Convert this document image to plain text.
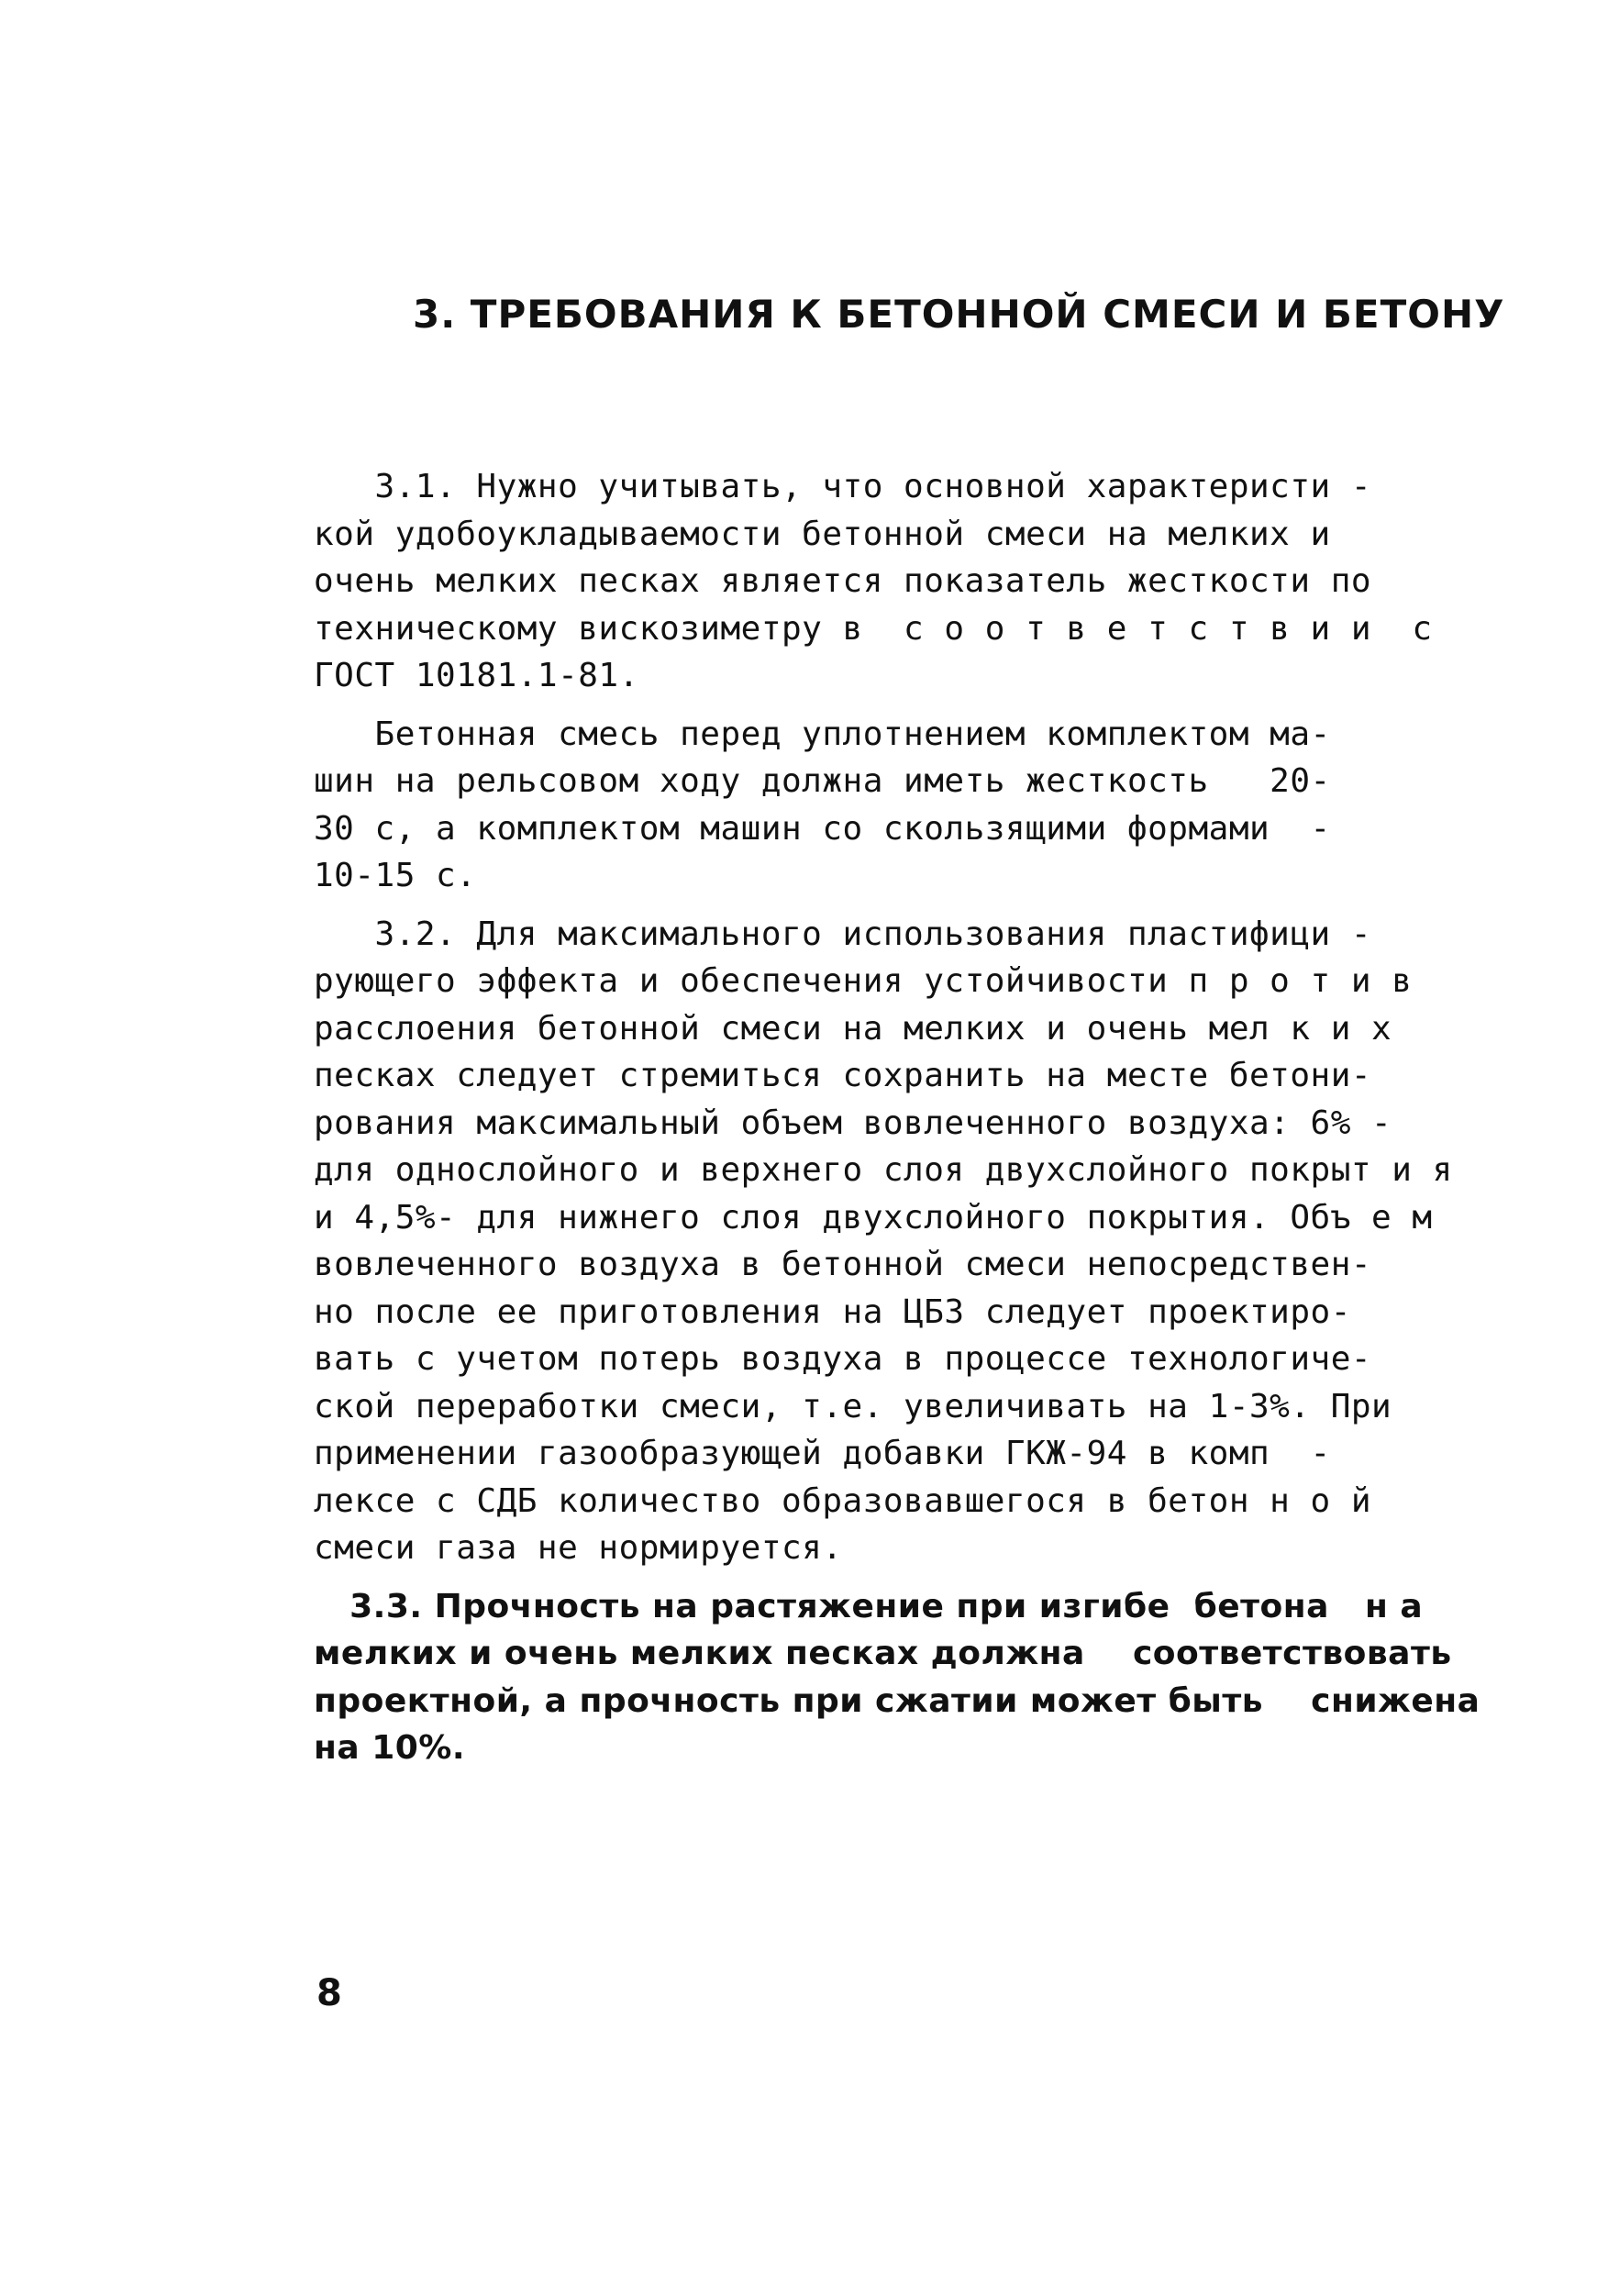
3. ТРЕБОВАНИЯ К БЕТОННОЙ СМЕСИ И БЕТОНУ
3.1. Нужно учитывать, что основной характеристи -
кой удобоукладываемости бетонной смеси на мелких и
очень мелких песках является показатель жесткости по
техническому вискозиметру в  с о о т в е т с т в и и  с
ГОСТ 10181.1-81.
Бетонная смесь перед уплотнением комплектом ма-
шин на рельсовом ходу должна иметь жесткость   20-
30 с, а комплектом машин со скользящими формами  -
10-15 с.
3.2. Для максимального использования пластифици -
рующего эффекта и обеспечения устойчивости п р о т и в
расслоения бетонной смеси на мелких и очень мел к и х
песках следует стремиться сохранить на месте бетони-
рования максимальный объем вовлеченного воздуха: 6% -
для однослойного и верхнего слоя двухслойного покрыт и я
и 4,5%- для нижнего слоя двухслойного покрытия. Объ е м
вовлеченного воздуха в бетонной смеси непосредствен-
но после ее приготовления на ЦБЗ следует проектиро-
вать с учетом потерь воздуха в процессе технологиче-
ской переработки смеси, т.е. увеличивать на 1-3%. При
применении газообразующей добавки ГКЖ-94 в комп  -
лексе с СДБ количество образовавшегося в бетон н о й
смеси газа не нормируется.
3.3. Прочность на растяжение при изгибе  бетона   н а
мелких и очень мелких песках должна    соответствовать
проектной, а прочность при сжатии может быть    снижена
на 10%.
8
